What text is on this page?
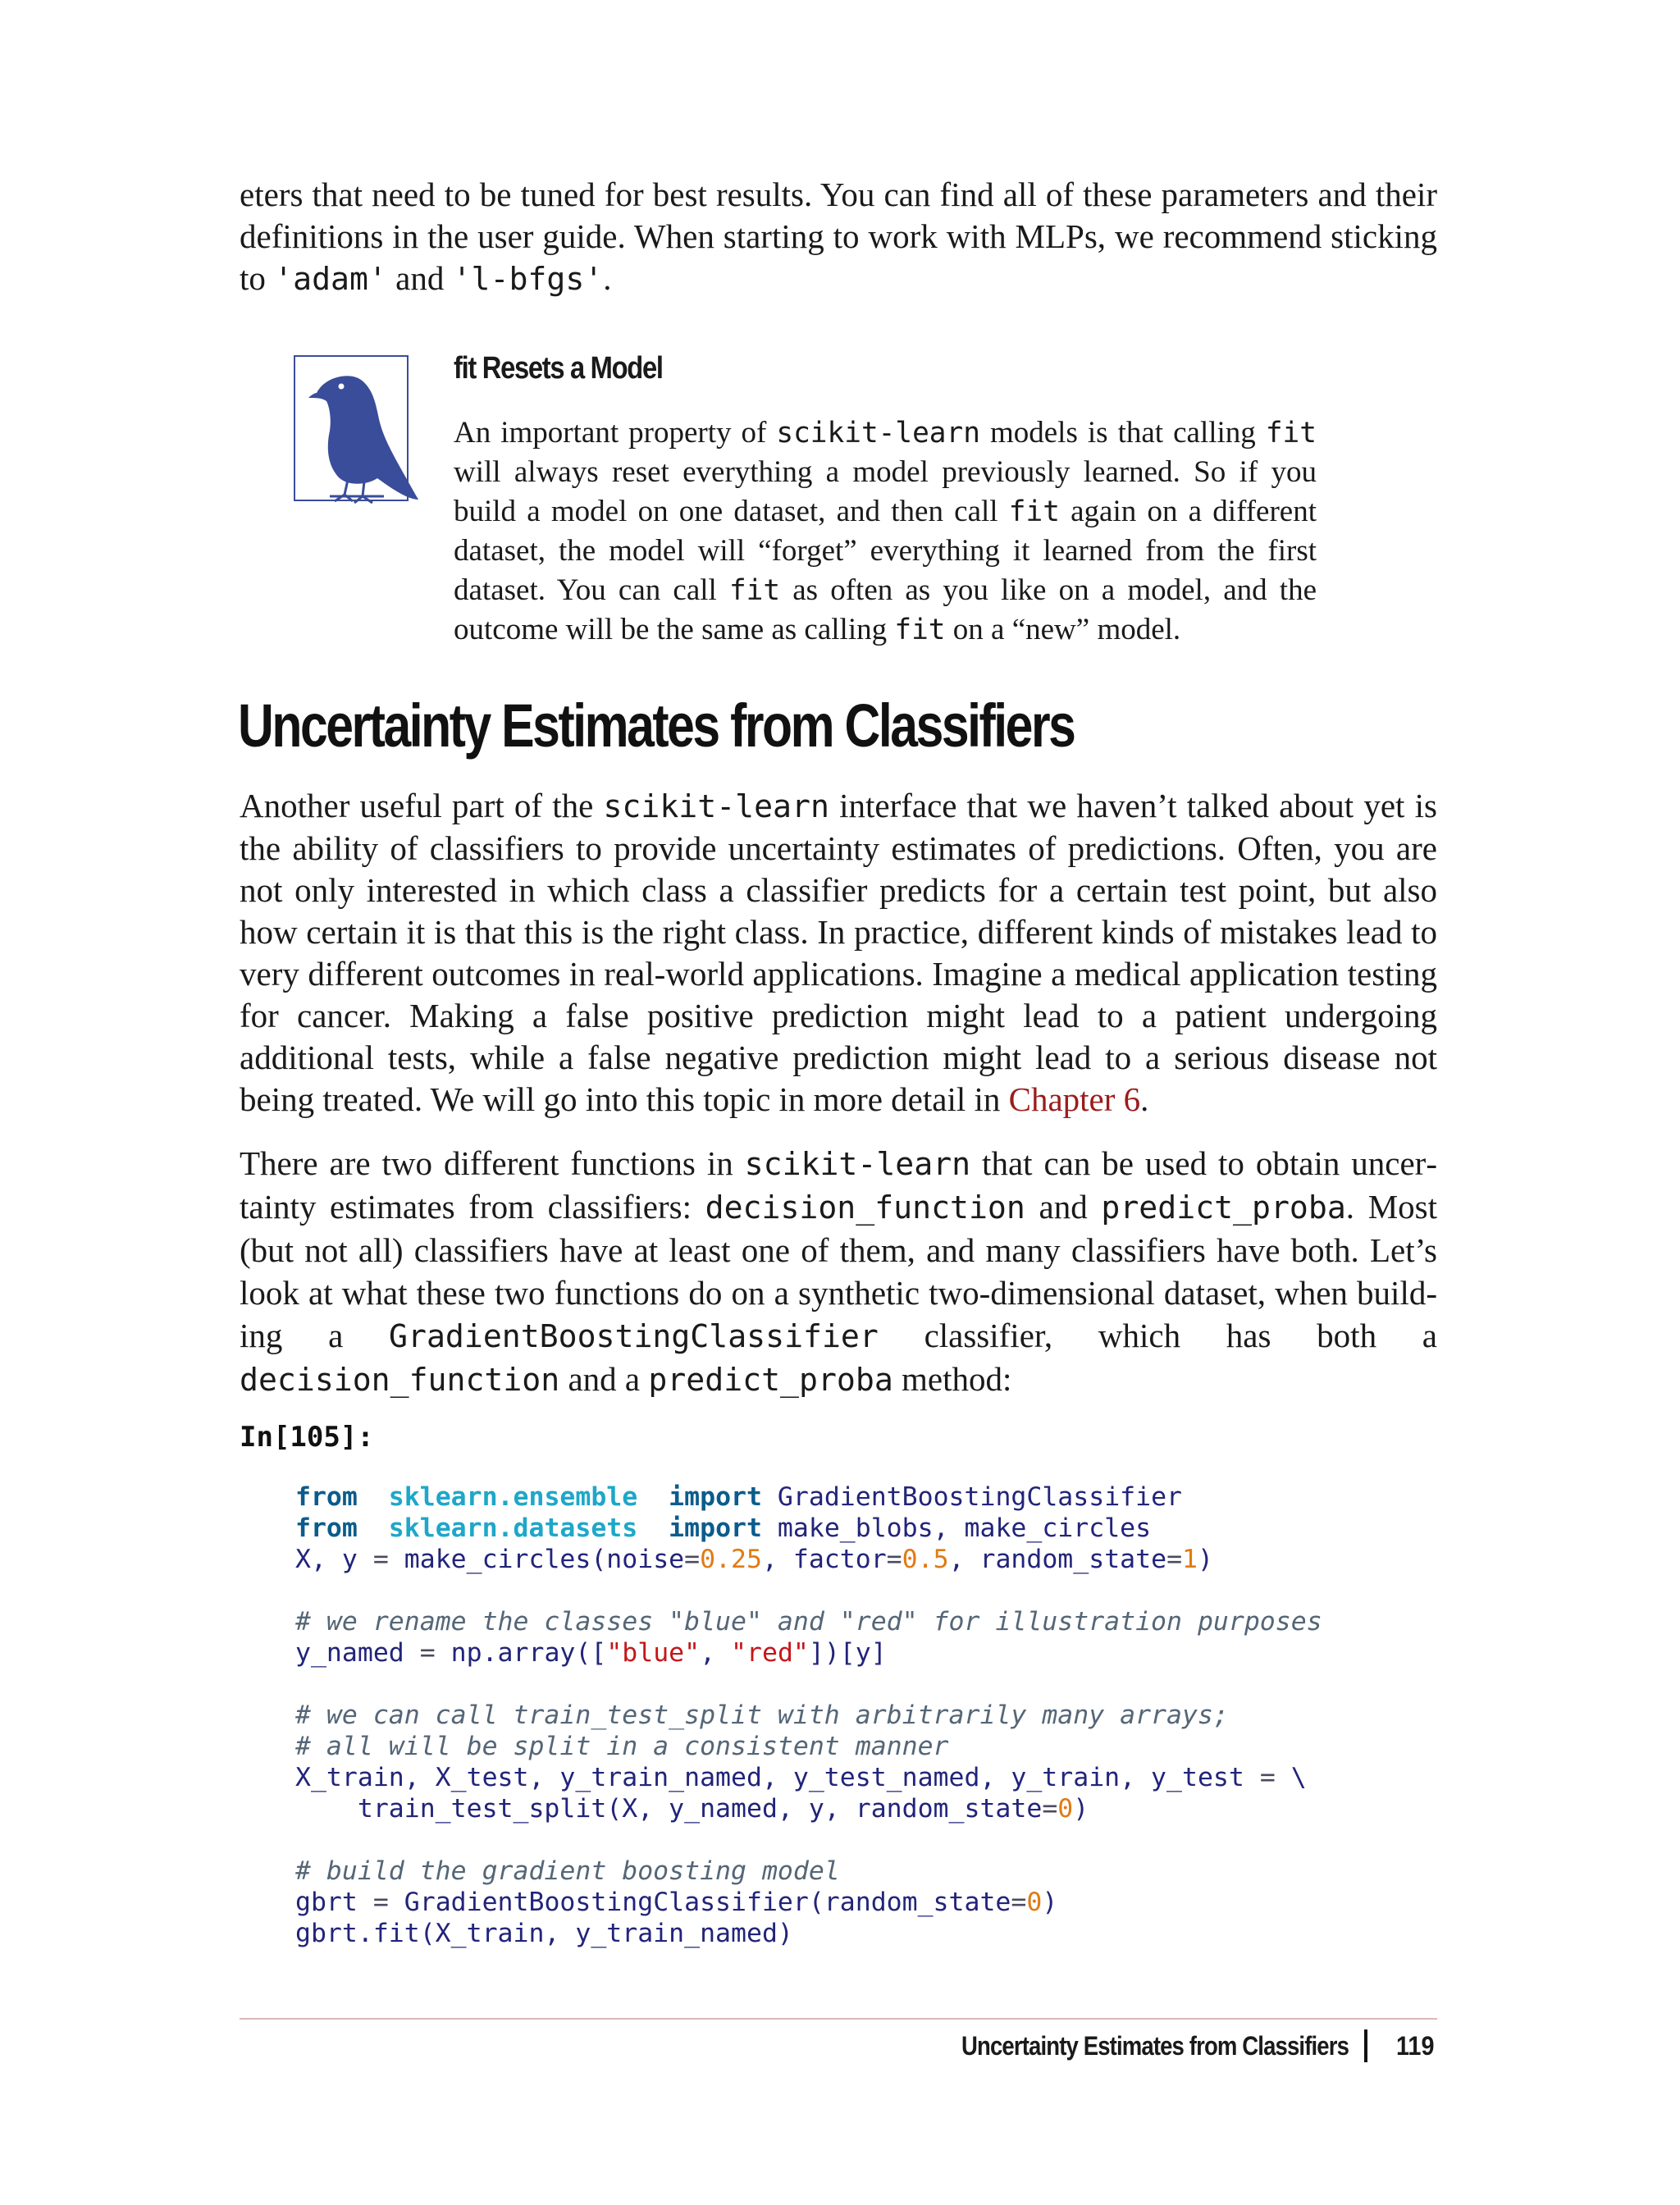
eters that need to be tuned for best results. You can find all of these parameters and their definitions in the user guide. When starting to work with MLPs, we recommend sticking to 'adam' and 'l-bfgs'.

fit Resets a Model

An important property of scikit-learn models is that calling fit will always reset everything a model previously learned. So if you build a model on one dataset, and then call fit again on a different dataset, the model will “forget” everything it learned from the first dataset. You can call fit as often as you like on a model, and the outcome will be the same as calling fit on a “new” model.

Uncertainty Estimates from Classifiers

Another useful part of the scikit-learn interface that we haven’t talked about yet is the ability of classifiers to provide uncertainty estimates of predictions. Often, you are not only interested in which class a classifier predicts for a certain test point, but also how certain it is that this is the right class. In practice, different kinds of mistakes lead to very different outcomes in real-world applications. Imagine a medical application testing for cancer. Making a false positive prediction might lead to a patient undergoing additional tests, while a false negative prediction might lead to a serious disease not being treated. We will go into this topic in more detail in Chapter 6.

There are two different functions in scikit-learn that can be used to obtain uncertainty estimates from classifiers: decision_function and predict_proba. Most (but not all) classifiers have at least one of them, and many classifiers have both. Let’s look at what these two functions do on a synthetic two-dimensional dataset, when building a GradientBoostingClassifier classifier, which has both a decision_function and a predict_proba method:

In[105]:

from sklearn.ensemble import GradientBoostingClassifier
from sklearn.datasets import make_blobs, make_circles
X, y = make_circles(noise=0.25, factor=0.5, random_state=1)
# we rename the classes "blue" and "red" for illustration purposes
y_named = np.array(["blue", "red"])[y]
# we can call train_test_split with arbitrarily many arrays;
# all will be split in a consistent manner
X_train, X_test, y_train_named, y_test_named, y_train, y_test = \
train_test_split(X, y_named, y, random_state=0)
# build the gradient boosting model
gbrt = GradientBoostingClassifier(random_state=0)
gbrt.fit(X_train, y_train_named)

Uncertainty Estimates from Classifiers 119
